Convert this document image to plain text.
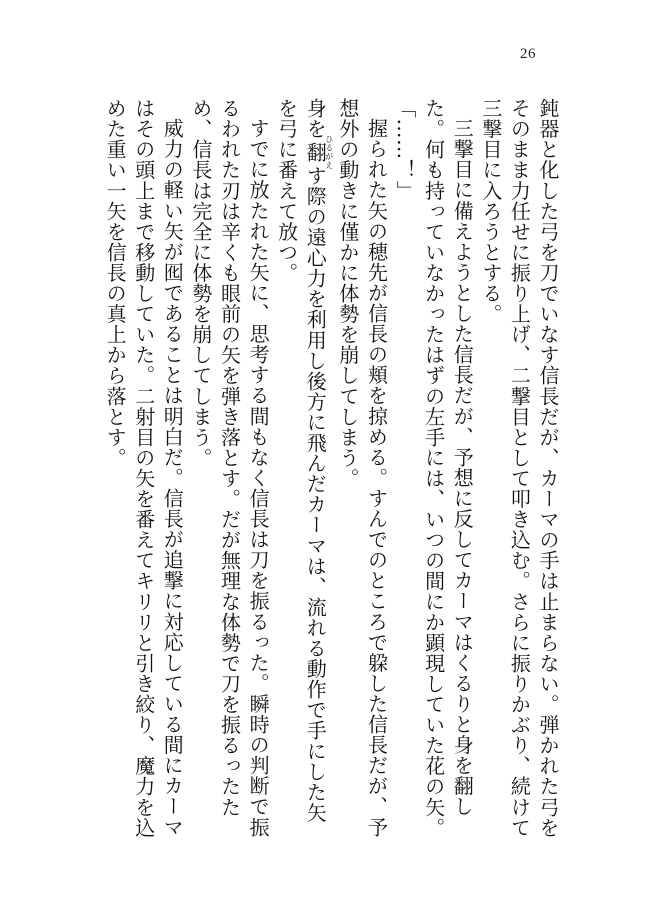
26

鈍器と化した弓を刀でいなす信長だが、カーマの手は止まらない。弾かれた弓をそのまま力任せに振り上げ、二撃目として叩き込む。さらに振りかぶり、続けて三撃目に入ろうとする。

三撃目に備えようとした信長だが、予想に反してカーマはくるりと身を翻した。何も持っていなかったはずの左手には、いつの間にか顕現していた花の矢。

「……！」

握られた矢の穂先が信長の頬を掠める。すんでのところで躱した信長だが、予想外の動きに僅かに体勢を崩してしまう。

身を翻ひるがえす際の遠心力を利用し後方に飛んだカーマは、流れる動作で手にした矢を弓に番えて放つ。

すでに放たれた矢に、思考する間もなく信長は刀を振るった。瞬時の判断で振るわれた刃は辛くも眼前の矢を弾き落とす。だが無理な体勢で刀を振るったため、信長は完全に体勢を崩してしまう。

威力の軽い矢が囮であることは明白だ。信長が追撃に対応している間にカーマはその頭上まで移動していた。二射目の矢を番えてキリリと引き絞り、魔力を込めた重い一矢を信長の真上から落とす。
